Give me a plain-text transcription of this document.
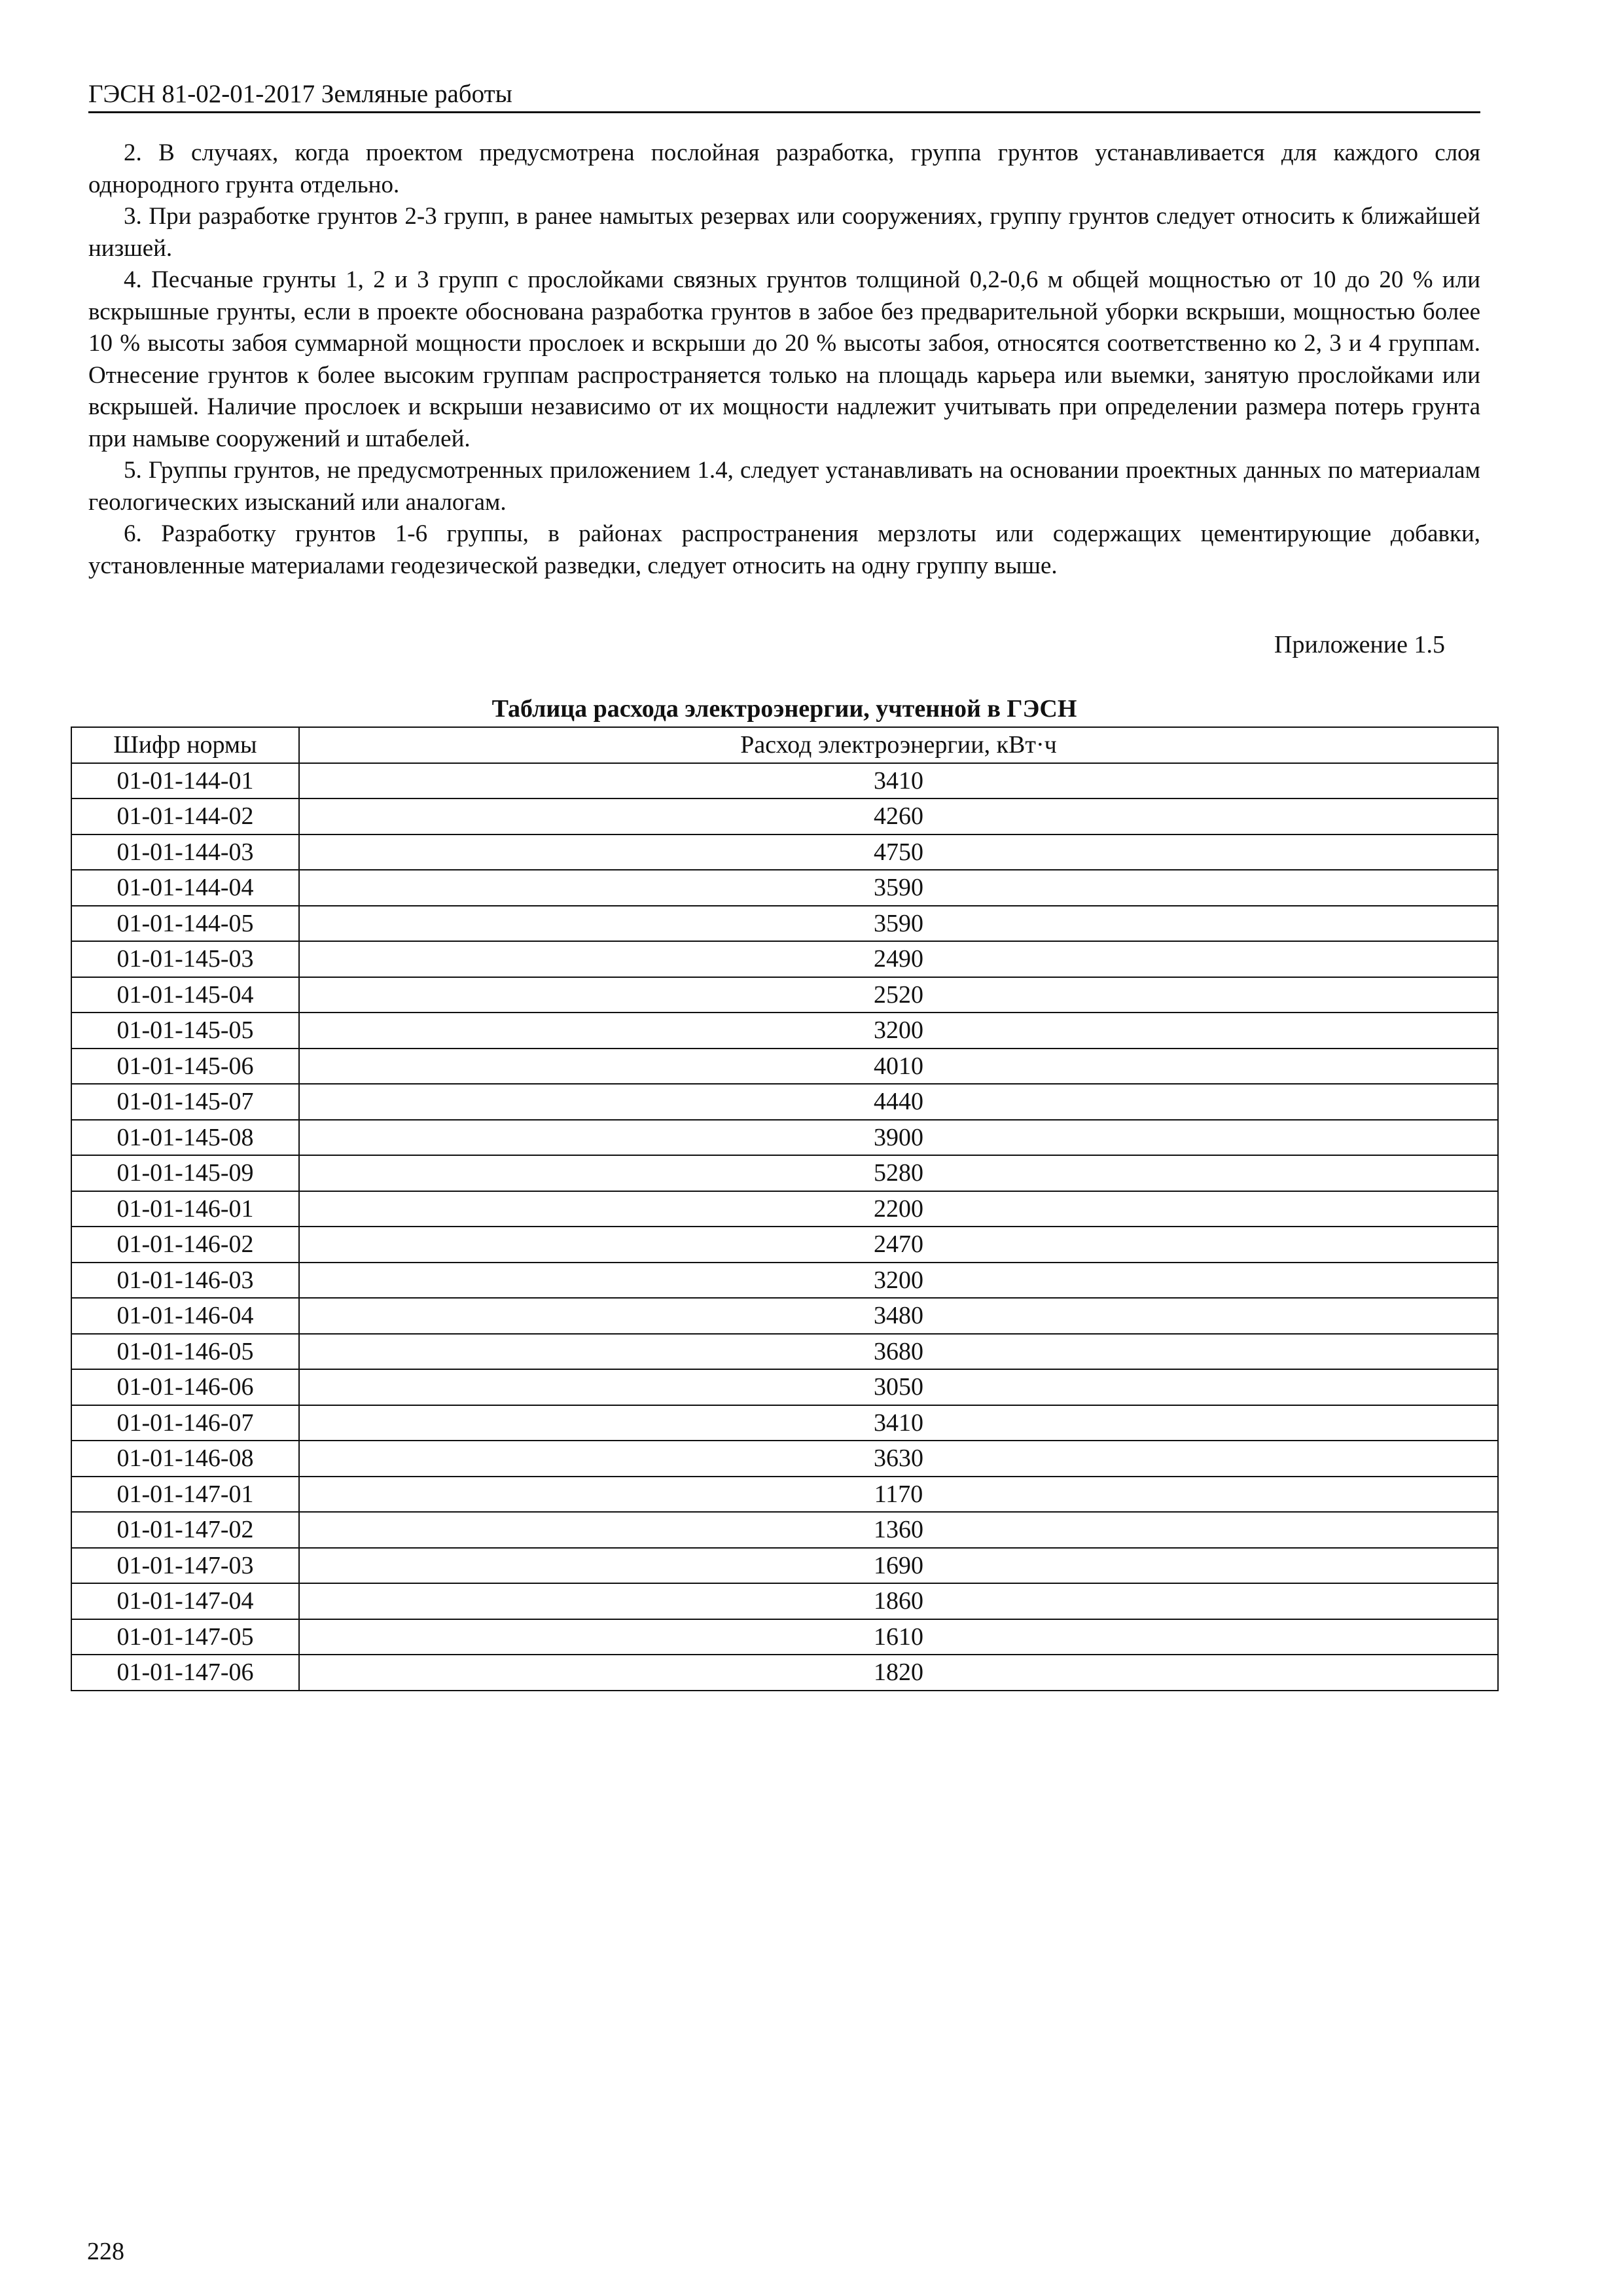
ГЭСН 81-02-01-2017 Земляные работы

2. В случаях, когда проектом предусмотрена послойная разработка, группа грунтов устанавливается для каждого слоя однородного грунта отдельно.

3. При разработке грунтов 2-3 групп, в ранее намытых резервах или сооружениях, группу грунтов следует относить к ближайшей низшей.

4. Песчаные грунты 1, 2 и 3 групп с прослойками связных грунтов толщиной 0,2-0,6 м общей мощностью от 10 до 20 % или вскрышные грунты, если в проекте обоснована разработка грунтов в забое без предварительной уборки вскрыши, мощностью более 10 % высоты забоя суммарной мощности прослоек и вскрыши до 20 % высоты забоя, относятся соответственно ко 2, 3 и 4 группам. Отнесение грунтов к более высоким группам распространяется только на площадь карьера или выемки, занятую прослойками или вскрышей. Наличие прослоек и вскрыши независимо от их мощности надлежит учитывать при определении размера потерь грунта при намыве сооружений и штабелей.

5. Группы грунтов, не предусмотренных приложением 1.4, следует устанавливать на основании проектных данных по материалам геологических изысканий или аналогам.

6. Разработку грунтов 1-6 группы, в районах распространения мерзлоты или содержащих цементирующие добавки, установленные материалами геодезической разведки, следует относить на одну группу выше.

Приложение 1.5
Таблица расхода электроэнергии, учтенной в ГЭСН
Шифр нормы	Расход электроэнергии, кВт·ч
01-01-144-01	3410
01-01-144-02	4260
01-01-144-03	4750
01-01-144-04	3590
01-01-144-05	3590
01-01-145-03	2490
01-01-145-04	2520
01-01-145-05	3200
01-01-145-06	4010
01-01-145-07	4440
01-01-145-08	3900
01-01-145-09	5280
01-01-146-01	2200
01-01-146-02	2470
01-01-146-03	3200
01-01-146-04	3480
01-01-146-05	3680
01-01-146-06	3050
01-01-146-07	3410
01-01-146-08	3630
01-01-147-01	1170
01-01-147-02	1360
01-01-147-03	1690
01-01-147-04	1860
01-01-147-05	1610
01-01-147-06	1820
228
